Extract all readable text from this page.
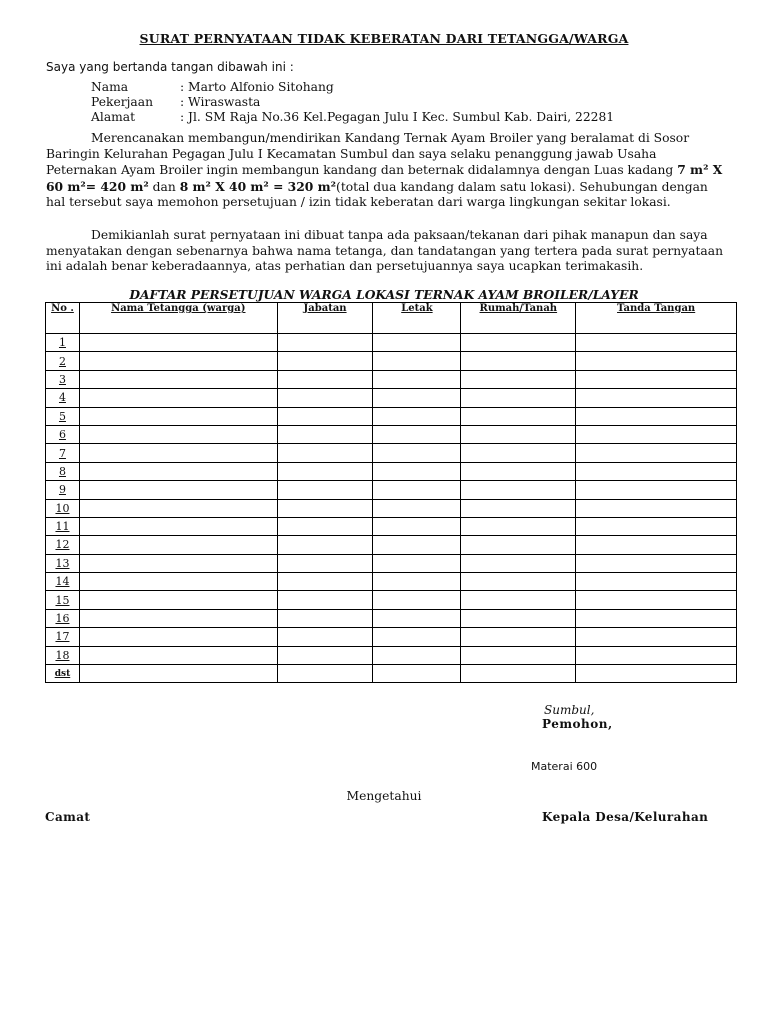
SURAT PERNYATAAN TIDAK KEBERATAN DARI TETANGGA/WARGA
Saya yang bertanda tangan dibawah ini :
Nama	: Marto Alfonio Sitohang
Pekerjaan	: Wiraswasta
Alamat	: Jl. SM Raja No.36 Kel.Pegagan Julu I Kec. Sumbul Kab. Dairi, 22281
Merencanakan membangun/mendirikan Kandang Ternak Ayam Broiler yang beralamat di Sosor Baringin Kelurahan Pegagan Julu I Kecamatan Sumbul dan saya selaku penanggung jawab Usaha Peternakan Ayam Broiler ingin membangun kandang dan beternak didalamnya dengan Luas kadang 7 m² X 60 m²= 420 m² dan 8 m² X 40 m² = 320 m²(total dua kandang dalam satu lokasi). Sehubungan dengan hal tersebut saya memohon persetujuan / izin tidak keberatan dari warga lingkungan sekitar lokasi.
Demikianlah surat pernyataan ini dibuat tanpa ada paksaan/tekanan dari pihak manapun dan saya menyatakan dengan sebenarnya bahwa nama tetanga, dan tandatangan yang tertera pada surat pernyataan ini adalah benar keberadaannya, atas perhatian dan persetujuannya saya ucapkan terimakasih.
DAFTAR PERSETUJUAN WARGA LOKASI TERNAK AYAM BROILER/LAYER
No .	Nama Tetangga (warga)	Jabatan	Letak	Rumah/Tanah	Tanda Tangan
1					
2					
3					
4					
5					
6					
7					
8					
9					
10					
11					
12					
13					
14					
15					
16					
17					
18					
dst					
Sumbul,
Pemohon,
Materai 600
Mengetahui
Camat	Kepala Desa/Kelurahan
